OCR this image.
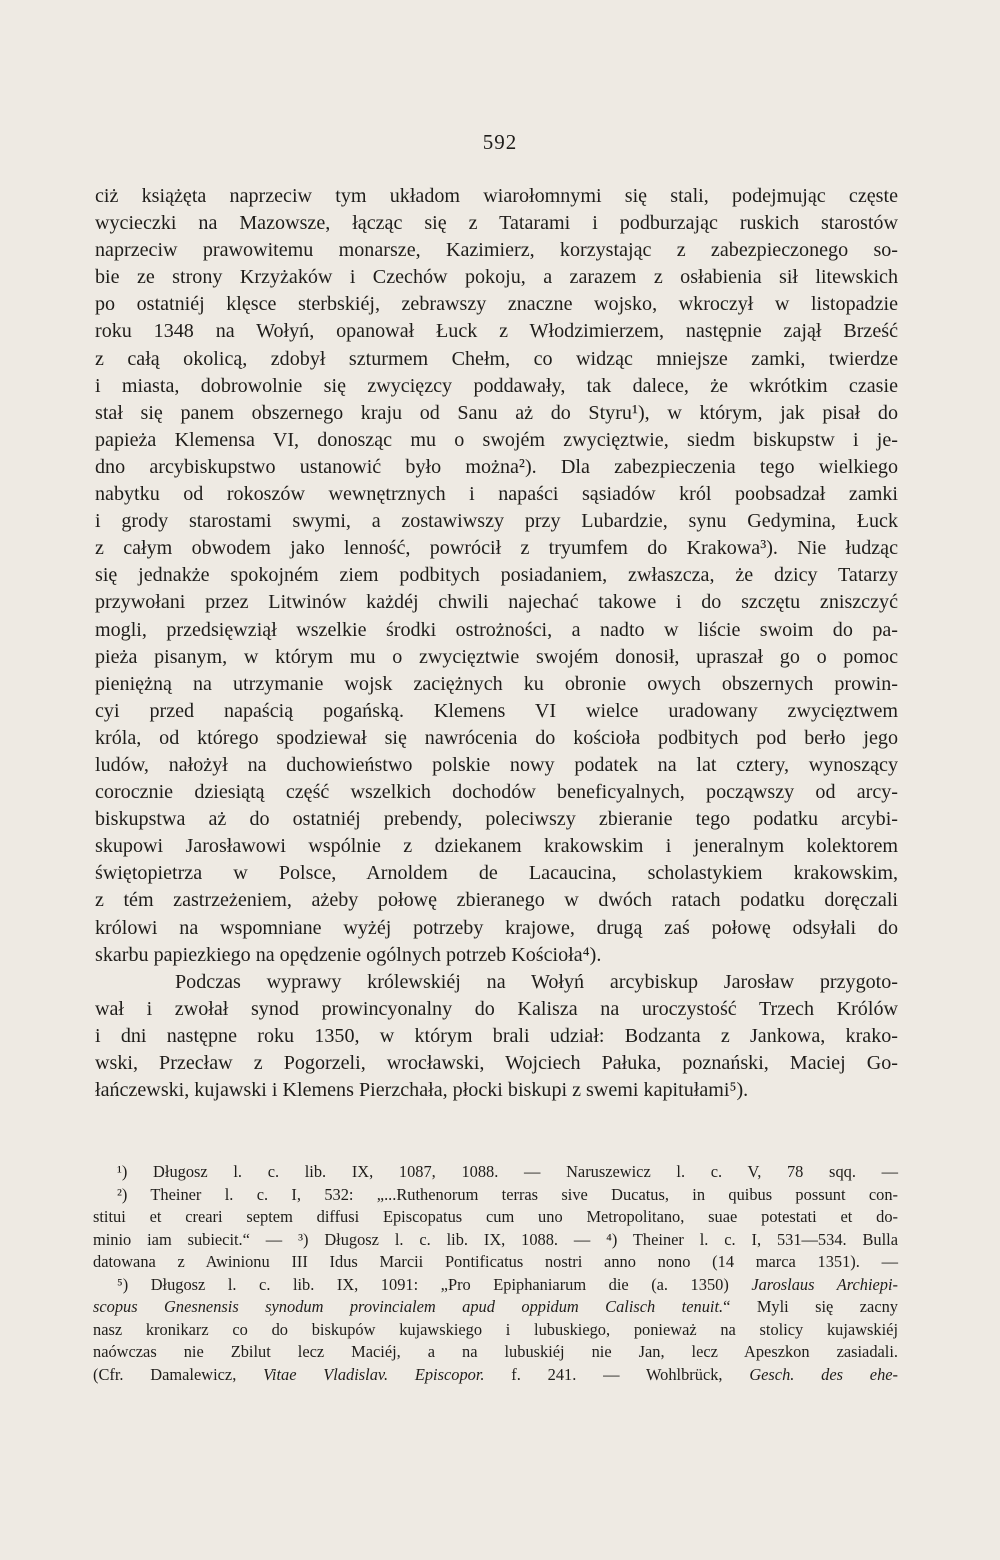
592

ciż książęta naprzeciw tym układom wiarołomnymi się stali, podejmując częste
wycieczki na Mazowsze, łącząc się z Tatarami i podburzając ruskich starostów
naprzeciw prawowitemu monarsze, Kazimierz, korzystając z zabezpieczonego so-
bie ze strony Krzyżaków i Czechów pokoju, a zarazem z osłabienia sił litewskich
po ostatniéj klęsce sterbskiéj, zebrawszy znaczne wojsko, wkroczył w listopadzie
roku 1348 na Wołyń, opanował Łuck z Włodzimierzem, następnie zajął Brześć
z całą okolicą, zdobył szturmem Chełm, co widząc mniejsze zamki, twierdze
i miasta, dobrowolnie się zwycięzcy poddawały, tak dalece, że wkrótkim czasie
stał się panem obszernego kraju od Sanu aż do Styru¹), w którym, jak pisał do
papieża Klemensa VI, donosząc mu o swojém zwycięztwie, siedm biskupstw i je-
dno arcybiskupstwo ustanowić było można²). Dla zabezpieczenia tego wielkiego
nabytku od rokoszów wewnętrznych i napaści sąsiadów król poobsadzał zamki
i grody starostami swymi, a zostawiwszy przy Lubardzie, synu Gedymina, Łuck
z całym obwodem jako lenność, powrócił z tryumfem do Krakowa³). Nie łudząc
się jednakże spokojném ziem podbitych posiadaniem, zwłaszcza, że dzicy Tatarzy
przywołani przez Litwinów każdéj chwili najechać takowe i do szczętu zniszczyć
mogli, przedsięwziął wszelkie środki ostrożności, a nadto w liście swoim do pa-
pieża pisanym, w którym mu o zwycięztwie swojém donosił, upraszał go o pomoc
pieniężną na utrzymanie wojsk zaciężnych ku obronie owych obszernych prowin-
cyi przed napaścią pogańską. Klemens VI wielce uradowany zwycięztwem
króla, od którego spodziewał się nawrócenia do kościoła podbitych pod berło jego
ludów, nałożył na duchowieństwo polskie nowy podatek na lat cztery, wynoszący
corocznie dziesiątą część wszelkich dochodów beneficyalnych, począwszy od arcy-
biskupstwa aż do ostatniéj prebendy, poleciwszy zbieranie tego podatku arcybi-
skupowi Jarosławowi wspólnie z dziekanem krakowskim i jeneralnym kolektorem
świętopietrza w Polsce, Arnoldem de Lacaucina, scholastykiem krakowskim,
z tém zastrzeżeniem, ażeby połowę zbieranego w dwóch ratach podatku doręczali
królowi na wspomniane wyżéj potrzeby krajowe, drugą zaś połowę odsyłali do
skarbu papiezkiego na opędzenie ogólnych potrzeb Kościoła⁴).

Podczas wyprawy królewskiéj na Wołyń arcybiskup Jarosław przygoto-
wał i zwołał synod prowincyonalny do Kalisza na uroczystość Trzech Królów
i dni następne roku 1350, w którym brali udział: Bodzanta z Jankowa, krako-
wski, Przecław z Pogorzeli, wrocławski, Wojciech Pałuka, poznański, Maciej Go-
łańczewski, kujawski i Klemens Pierzchała, płocki biskupi z swemi kapitułami⁵).

¹) Długosz l. c. lib. IX, 1087, 1088. — Naruszewicz l. c. V, 78 sqq. —
²) Theiner l. c. I, 532: „...Ruthenorum terras sive Ducatus, in quibus possunt con-
stitui et creari septem diffusi Episcopatus cum uno Metropolitano, suae potestati et do-
minio iam subiecit.“ — ³) Długosz l. c. lib. IX, 1088. — ⁴) Theiner l. c. I, 531—534. Bulla
datowana z Awinionu III Idus Marcii Pontificatus nostri anno nono (14 marca 1351). —
⁵) Długosz l. c. lib. IX, 1091: „Pro Epiphaniarum die (a. 1350) Jaroslaus Archiepi-
scopus Gnesnensis synodum provincialem apud oppidum Calisch tenuit.“ Myli się zacny
nasz kronikarz co do biskupów kujawskiego i lubuskiego, ponieważ na stolicy kujawskiéj
naówczas nie Zbilut lecz Maciéj, a na lubuskiéj nie Jan, lecz Apeszkon zasiadali.
(Cfr. Damalewicz, Vitae Vladislav. Episcopor. f. 241. — Wohlbrück, Gesch. des ehe-
